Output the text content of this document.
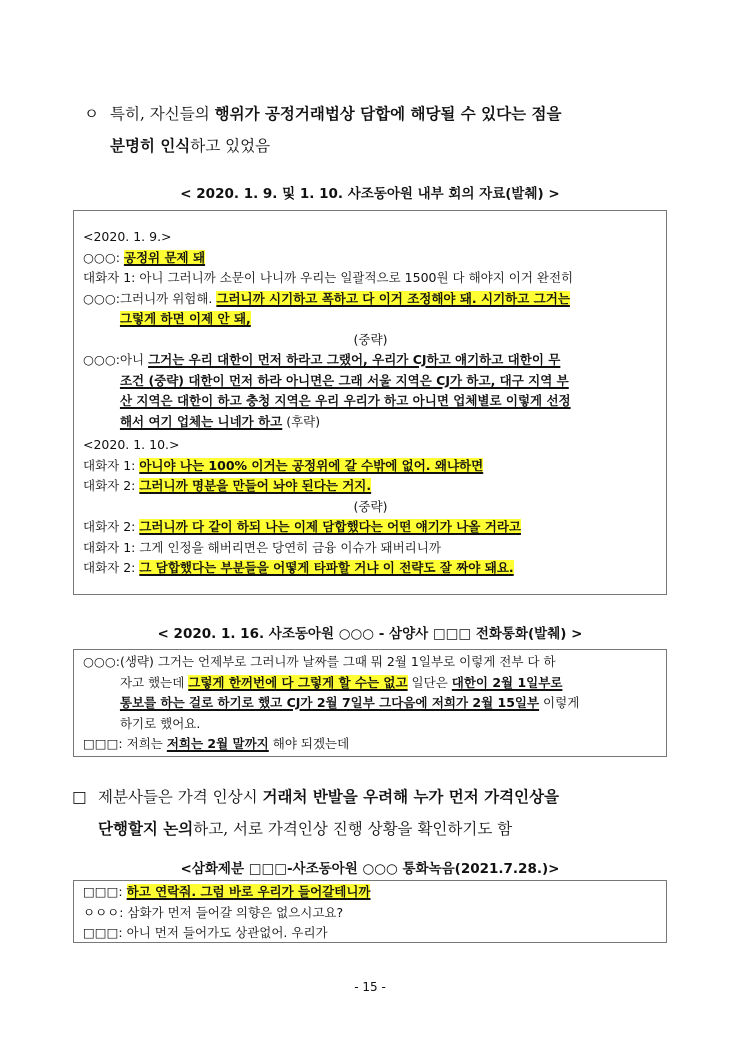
ㅇ 특히, 자신들의 행위가 공정거래법상 담합에 해당될 수 있다는 점을
분명히 인식하고 있었음
< 2020. 1. 9. 및 1. 10. 사조동아원 내부 회의 자료(발췌) >
<2020. 1. 9.>
○○○: 공정위 문제 돼
대화자 1: 아니 그러니까 소문이 나니까 우리는 일괄적으로 1500원 다 해야지 이거 완전히
○○○: 그러니까 위험해. 그러니까 시기하고 폭하고 다 이거 조정해야 돼. 시기하고 그거는
그렇게 하면 이제 안 돼,
(중략)
○○○: 아니 그거는 우리 대한이 먼저 하라고 그랬어, 우리가 CJ하고 얘기하고 대한이 무
조건 (중략) 대한이 먼저 하라 아니면은 그래 서울 지역은 CJ가 하고, 대구 지역 부
산 지역은 대한이 하고 충청 지역은 우리 우리가 하고 아니면 업체별로 이렇게 선정
해서 여기 업체는 니네가 하고 (후략)
<2020. 1. 10.>
대화자 1: 아니야 나는 100% 이거는 공정위에 갈 수밖에 없어. 왜냐하면
대화자 2: 그러니까 명분을 만들어 놔야 된다는 거지.
(중략)
대화자 2: 그러니까 다 같이 하되 나는 이제 담합했다는 어떤 얘기가 나올 거라고
대화자 1: 그게 인정을 해버리면은 당연히 금융 이슈가 돼버리니까
대화자 2: 그 담합했다는 부분들을 어떻게 타파할 거냐 이 전략도 잘 짜야 돼요.
< 2020. 1. 16. 사조동아원 ○○○ - 삼양사 □□□ 전화통화(발췌) >
○○○: (생략) 그거는 언제부로 그러니까 날짜를 그때 뭐 2월 1일부로 이렇게 전부 다 하
자고 했는데 그렇게 한꺼번에 다 그렇게 할 수는 없고 일단은 대한이 2월 1일부로
통보를 하는 걸로 하기로 했고 CJ가 2월 7일부 그다음에 저희가 2월 15일부 이렇게
하기로 했어요.
□□□: 저희는 저희는 2월 말까지 해야 되겠는데
□ 제분사들은 가격 인상시 거래처 반발을 우려해 누가 먼저 가격인상을
단행할지 논의하고, 서로 가격인상 진행 상황을 확인하기도 함
<삼화제분 □□□-사조동아원 ○○○ 통화녹음(2021.7.28.)>
□□□: 하고 연락줘. 그럼 바로 우리가 들어갈테니까
ㅇㅇㅇ: 삼화가 먼저 들어갈 의향은 없으시고요?
□□□: 아니 먼저 들어가도 상관없어. 우리가
- 15 -
